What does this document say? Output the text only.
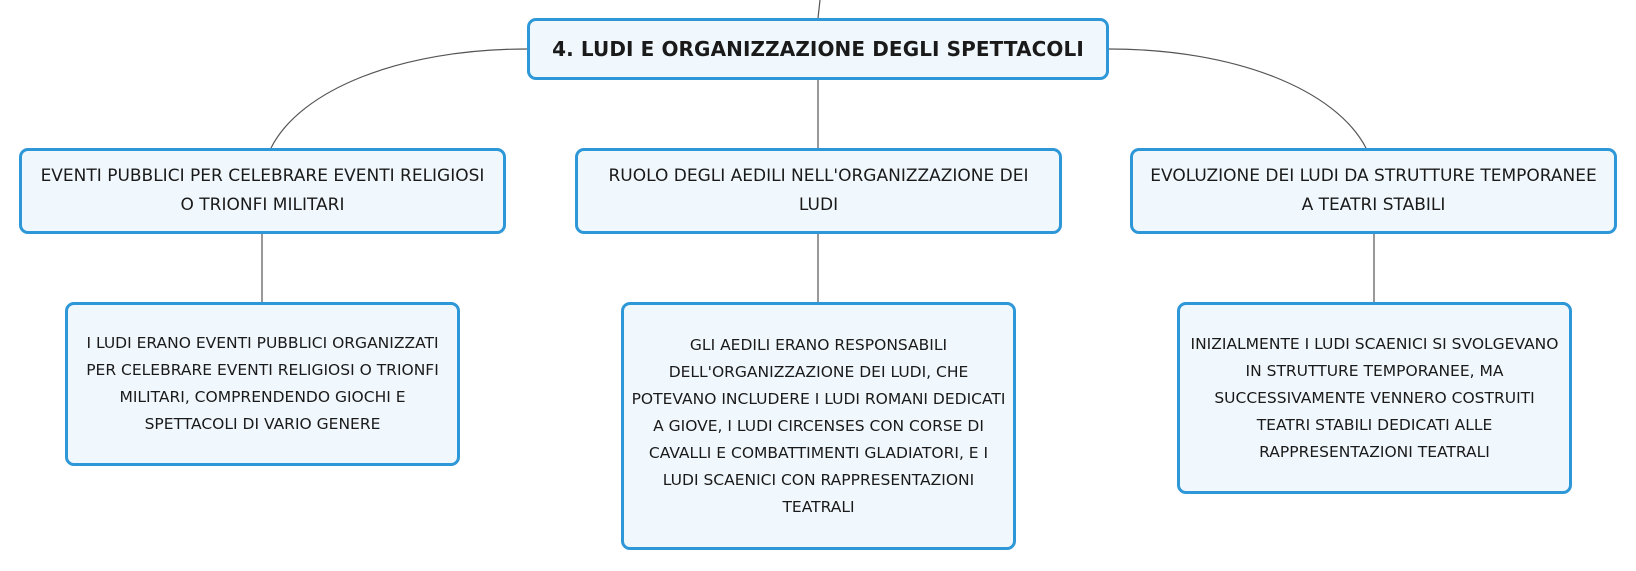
4. LUDI E ORGANIZZAZIONE DEGLI SPETTACOLI
EVENTI PUBBLICI PER CELEBRARE EVENTI RELIGIOSI O TRIONFI MILITARI
RUOLO DEGLI AEDILI NELL'ORGANIZZAZIONE DEI LUDI
EVOLUZIONE DEI LUDI DA STRUTTURE TEMPORANEE A TEATRI STABILI
I LUDI ERANO EVENTI PUBBLICI ORGANIZZATI PER CELEBRARE EVENTI RELIGIOSI O TRIONFI MILITARI, COMPRENDENDO GIOCHI E SPETTACOLI DI VARIO GENERE
GLI AEDILI ERANO RESPONSABILI DELL'ORGANIZZAZIONE DEI LUDI, CHE POTEVANO INCLUDERE I LUDI ROMANI DEDICATI A GIOVE, I LUDI CIRCENSES CON CORSE DI CAVALLI E COMBATTIMENTI GLADIATORI, E I LUDI SCAENICI CON RAPPRESENTAZIONI TEATRALI
INIZIALMENTE I LUDI SCAENICI SI SVOLGEVANO IN STRUTTURE TEMPORANEE, MA SUCCESSIVAMENTE VENNERO COSTRUITI TEATRI STABILI DEDICATI ALLE RAPPRESENTAZIONI TEATRALI
